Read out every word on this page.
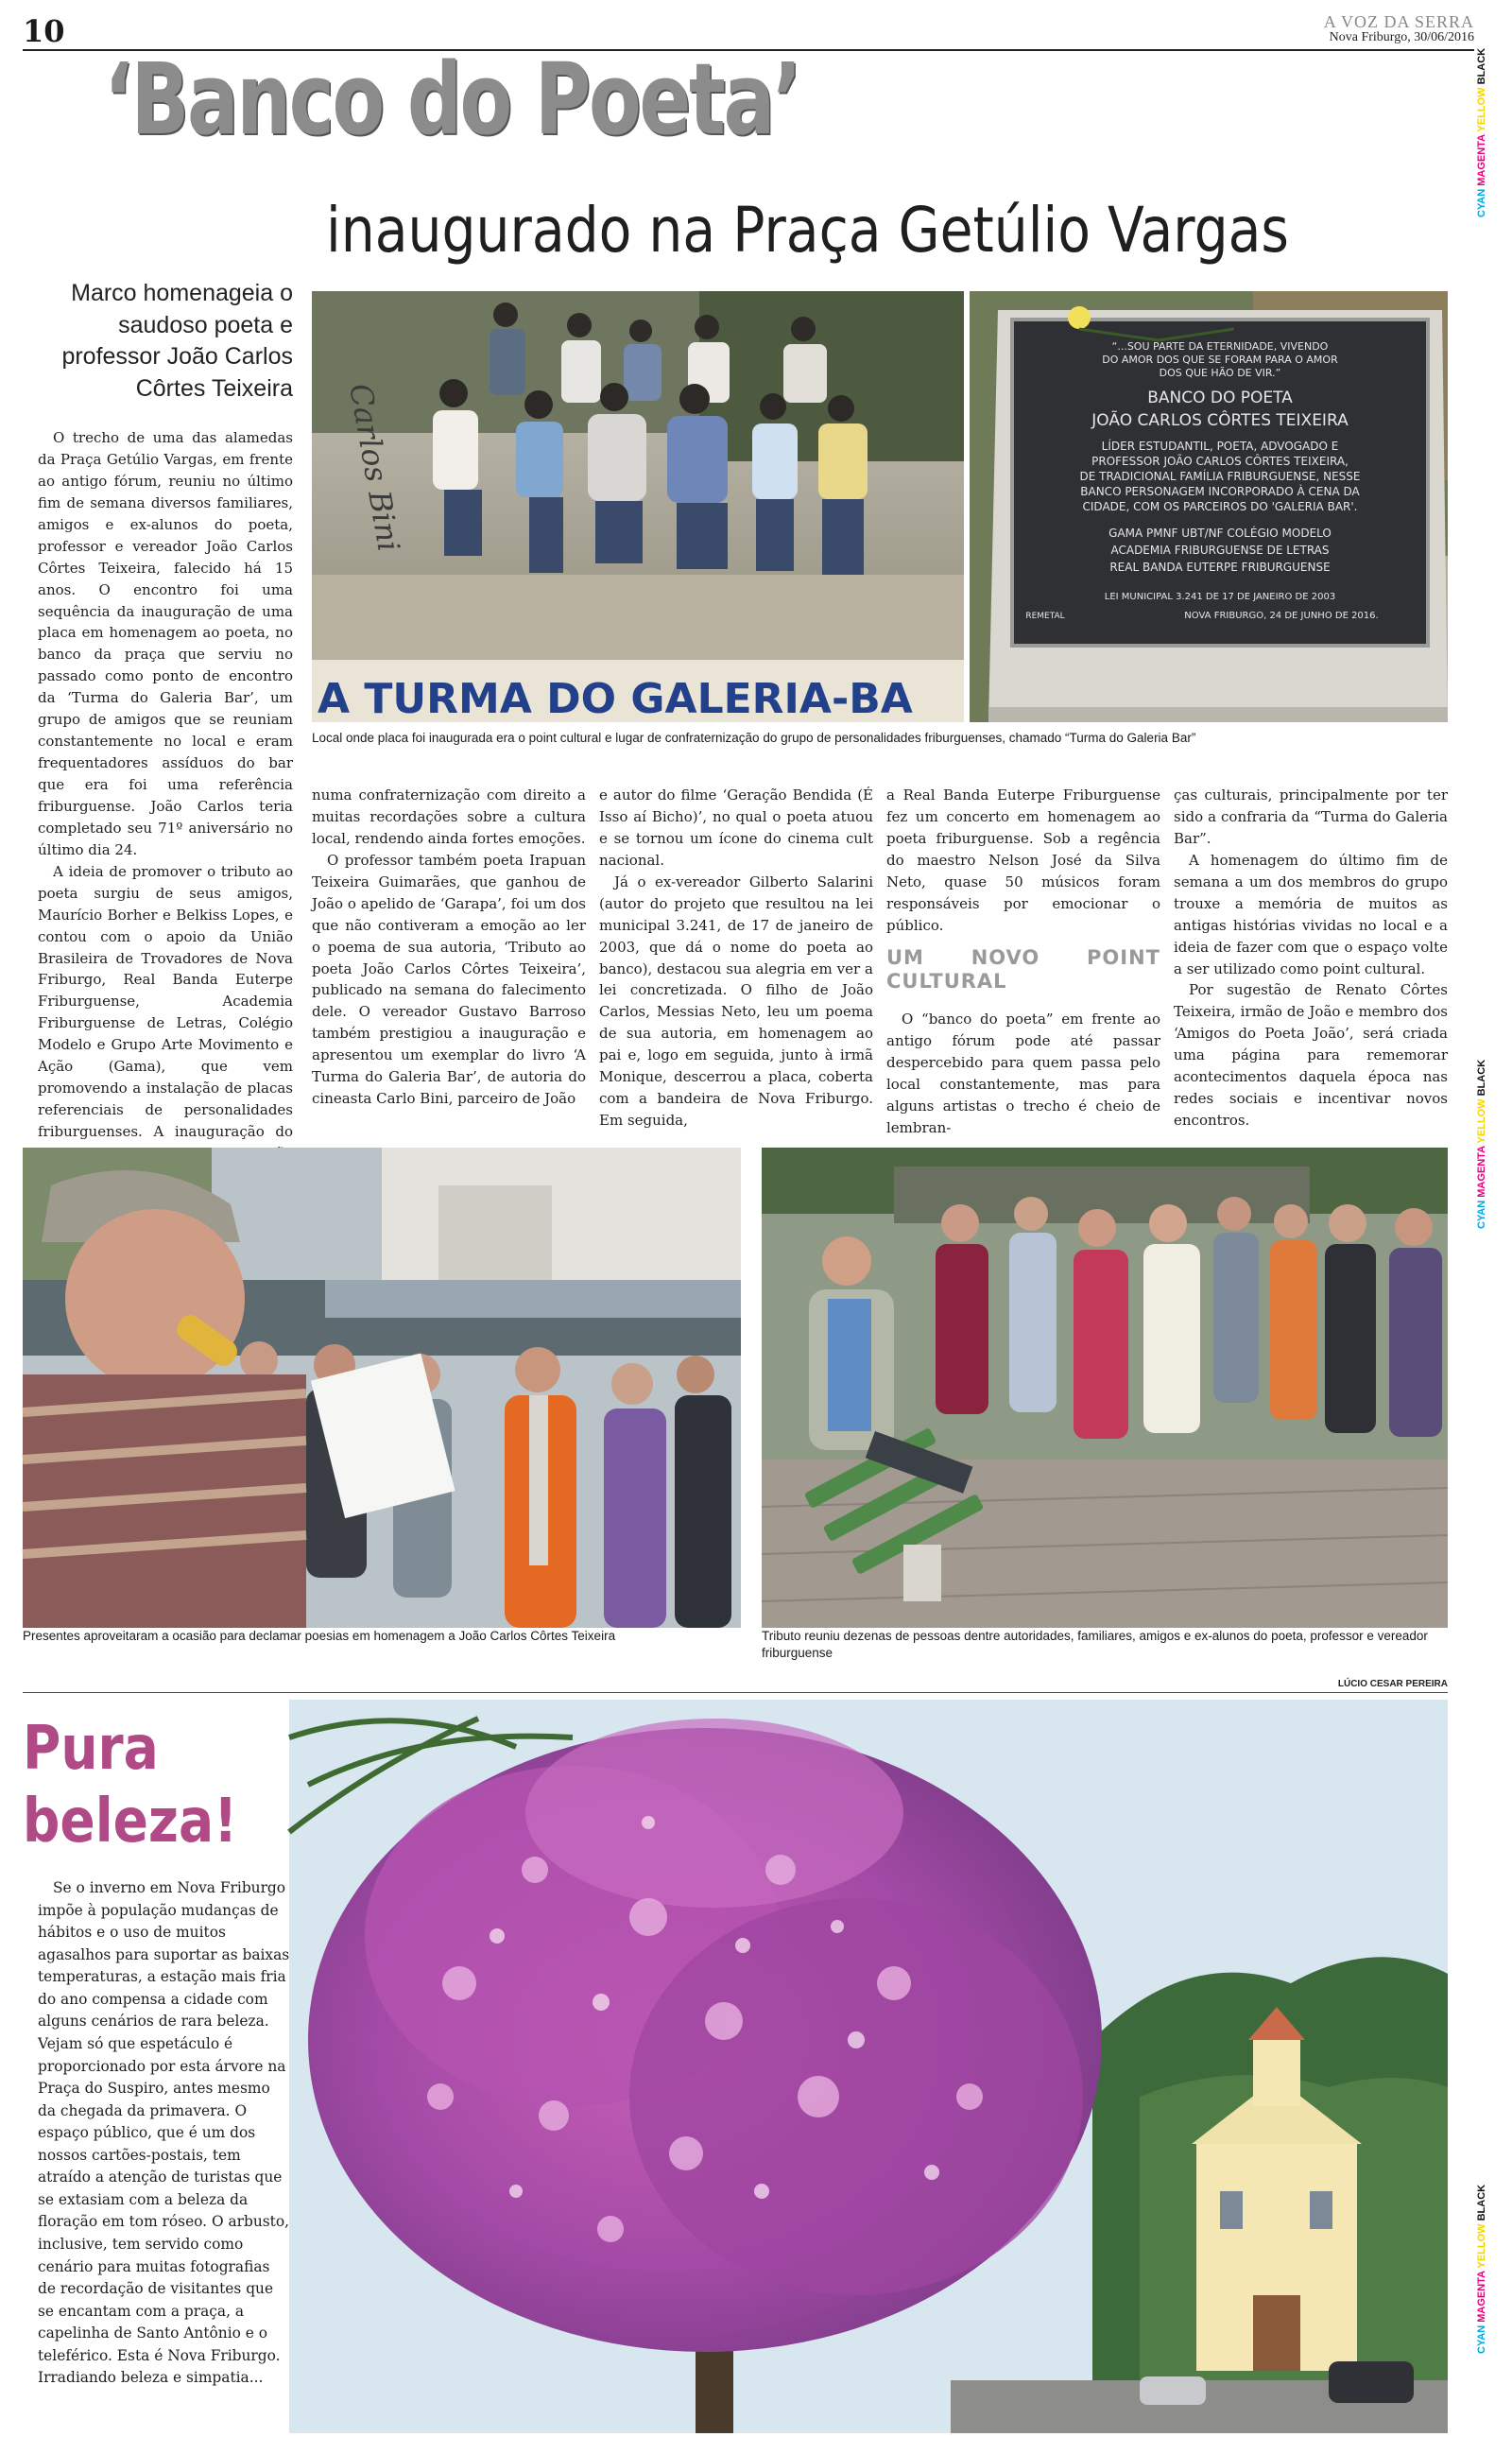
10	A VOZ DA SERRA
Nova Friburgo, 30/06/2016
CYAN MAGENTA YELLOW BLACK
CYAN MAGENTA YELLOW BLACK
CYAN MAGENTA YELLOW BLACK
‘Banco do Poeta’
inaugurado na Praça Getúlio Vargas
Marco homenageia o saudoso poeta e professor João Carlos Côrtes Teixeira Carlos Bini
A TURMA DO GALERIA-BA
“...SOU PARTE DA ETERNIDADE, VIVENDO
DO AMOR DOS QUE SE FORAM PARA O AMOR
DOS QUE HÃO DE VIR.”
BANCO DO POETA
JOÃO CARLOS CÔRTES TEIXEIRA
LÍDER ESTUDANTIL, POETA, ADVOGADO E
PROFESSOR JOÃO CARLOS CÔRTES TEIXEIRA,
DE TRADICIONAL FAMÍLIA FRIBURGUENSE, NESSE
BANCO PERSONAGEM INCORPORADO À CENA DA
CIDADE, COM OS PARCEIROS DO 'GALERIA BAR'.
GAMA PMNF UBT/NF COLÉGIO MODELO
ACADEMIA FRIBURGUENSE DE LETRAS
REAL BANDA EUTERPE FRIBURGUENSE
LEI MUNICIPAL 3.241 DE 17 DE JANEIRO DE 2003
NOVA FRIBURGO, 24 DE JUNHO DE 2016.
REMETAL
Local onde placa foi inaugurada era o point cultural e lugar de confraternização do grupo de personalidades friburguenses, chamado “Turma do Galeria Bar”

O trecho de uma das alamedas da Praça Getúlio Vargas, em frente ao antigo fórum, reuniu no último fim de semana diversos familiares, amigos e ex-alunos do poeta, professor e vereador João Carlos Côrtes Teixeira, falecido há 15 anos. O encontro foi uma sequência da inauguração de uma placa em homenagem ao poeta, no banco da praça que serviu no passado como ponto de encontro da ‘Turma do Galeria Bar’, um grupo de amigos que se reuniam constantemente no local e eram frequentadores assíduos do bar que era foi uma referência friburguense. João Carlos teria completado seu 71º aniversário no último dia 24.

A ideia de promover o tributo ao poeta surgiu de seus amigos, Maurício Borher e Belkiss Lopes, e contou com o apoio da União Brasileira de Trovadores de Nova Friburgo, Real Banda Euterpe Friburguense, Academia Friburguense de Letras, Colégio Modelo e Grupo Arte Movimento e Ação (Gama), que vem promovendo a instalação de placas referenciais de personalidades friburguenses. A inauguração do

numa confraternização com direito a muitas recordações sobre a cultura local, rendendo ainda fortes emoções.

O professor também poeta Irapuan Teixeira Guimarães, que ganhou de João o apelido de ‘Garapa’, foi um dos que não contiveram a emoção ao ler o poema de sua autoria, ‘Tributo ao poeta João Carlos Côrtes Teixeira’, publicado na semana do falecimento dele. O vereador Gustavo Barroso também prestigiou a inauguração e apresentou um exemplar do livro ‘A Turma do Galeria Bar’, de autoria do cineasta Carlo Bini, parceiro de João

e autor do filme ‘Geração Bendida (É Isso aí Bicho)’, no qual o poeta atuou e se tornou um ícone do cinema cult nacional.

Já o ex-vereador Gilberto Salarini (autor do projeto que resultou na lei municipal 3.241, de 17 de janeiro de 2003, que dá o nome do poeta ao banco), destacou sua alegria em ver a lei concretizada. O filho de João Carlos, Messias Neto, leu um poema de sua autoria, em homenagem ao pai e, logo em seguida, junto à irmã Monique, descerrou a placa, coberta com a bandeira de Nova Friburgo. Em seguida,

a Real Banda Euterpe Friburguense fez um concerto em homenagem ao poeta friburguense. Sob a regência do maestro Nelson José da Silva Neto, quase 50 músicos foram responsáveis por emocionar o público.

UM NOVO POINT CULTURAL

O “banco do poeta” em frente ao antigo fórum pode até passar despercebido para quem passa pelo local constantemente, mas para alguns artistas o trecho é cheio de lembran-

ças culturais, principalmente por ter sido a confraria da “Turma do Galeria Bar”.

A homenagem do último fim de semana a um dos membros do grupo trouxe a memória de muitos as antigas histórias vividas no local e a ideia de fazer com que o espaço volte a ser utilizado como point cultural.

Por sugestão de Renato Côrtes Teixeira, irmão de João e membro dos ‘Amigos do Poeta João’, será criada uma página para rememorar acontecimentos daquela época nas redes sociais e incentivar novos encontros.

Presentes aproveitaram a ocasião para declamar poesias em homenagem a João Carlos Côrtes Teixeira	Tributo reuniu dezenas de pessoas dentre autoridades, familiares, amigos e ex-alunos do poeta, professor e vereador friburguense
LÚCIO CESAR PEREIRA
Pura beleza!

Se o inverno em Nova Friburgo impõe à população mudanças de hábitos e o uso de muitos agasalhos para suportar as baixas temperaturas, a estação mais fria do ano compensa a cidade com alguns cenários de rara beleza. Vejam só que espetáculo é proporcionado por esta árvore na Praça do Suspiro, antes mesmo da chegada da primavera. O espaço público, que é um dos nossos cartões-postais, tem atraído a atenção de turistas que se extasiam com a beleza da floração em tom róseo. O arbusto, inclusive, tem servido como cenário para muitas fotografias de recordação de visitantes que se encantam com a praça, a capelinha de Santo Antônio e o teleférico. Esta é Nova Friburgo. Irradiando beleza e simpatia...
